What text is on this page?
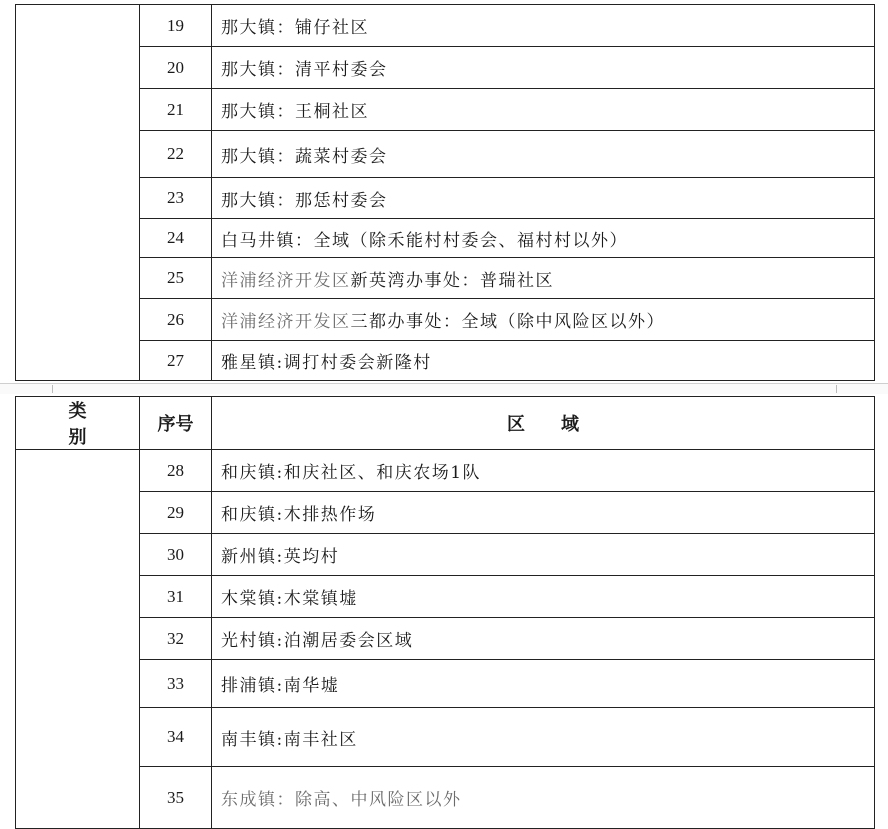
	19	那大镇：铺仔社区
	20	那大镇：清平村委会
	21	那大镇：王桐社区
	22	那大镇：蔬菜村委会
	23	那大镇：那恁村委会
	24	白马井镇：全域（除禾能村村委会、福村村以外）
	25	洋浦经济开发区新英湾办事处：普瑞社区
	26	洋浦经济开发区三都办事处：全域（除中风险区以外）
	27	雅星镇:调打村委会新隆村
类别	序号	区域
	28	和庆镇:和庆社区、和庆农场1队
	29	和庆镇:木排热作场
	30	新州镇:英均村
	31	木棠镇:木棠镇墟
	32	光村镇:泊潮居委会区域
	33	排浦镇:南华墟
	34	南丰镇:南丰社区
	35	东成镇：除高、中风险区以外
